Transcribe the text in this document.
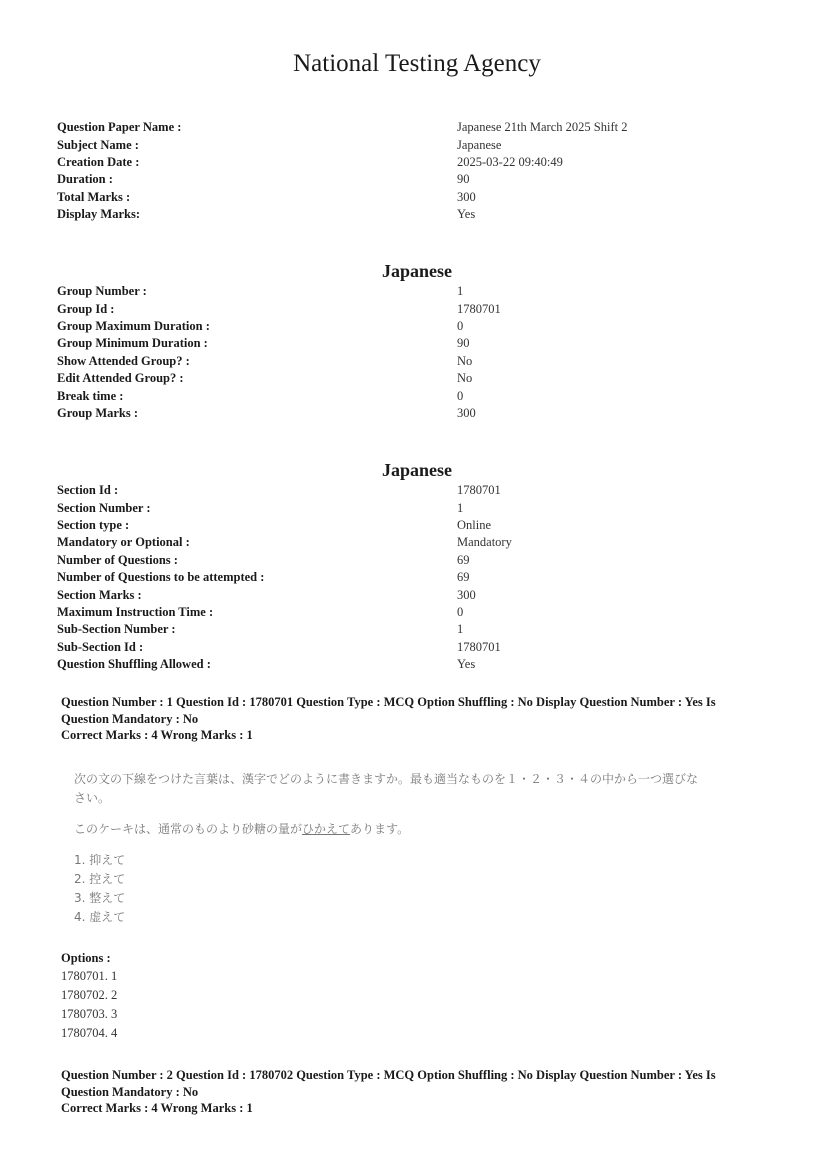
National Testing Agency
Question Paper Name :	Japanese 21th March 2025 Shift 2
Subject Name :	Japanese
Creation Date :	2025-03-22 09:40:49
Duration :	90
Total Marks :	300
Display Marks:	Yes
Japanese
Group Number :	1
Group Id :	1780701
Group Maximum Duration :	0
Group Minimum Duration :	90
Show Attended Group? :	No
Edit Attended Group? :	No
Break time :	0
Group Marks :	300
Japanese
Section Id :	1780701
Section Number :	1
Section type :	Online
Mandatory or Optional :	Mandatory
Number of Questions :	69
Number of Questions to be attempted :	69
Section Marks :	300
Maximum Instruction Time :	0
Sub-Section Number :	1
Sub-Section Id :	1780701
Question Shuffling Allowed :	Yes
Question Number : 1 Question Id : 1780701 Question Type : MCQ Option Shuffling : No Display Question Number : Yes Is
Question Mandatory : No
Correct Marks : 4 Wrong Marks : 1

次の文の下線をつけた言葉は、漢字でどのように書きますか。最も適当なものを１・２・３・４の中から一つ選びな

さい。

このケーキは、通常のものより砂糖の量がひかえてあります。

1. 抑えて
2. 控えて
3. 整えて
4. 虚えて
Options :
1780701. 1
1780702. 2
1780703. 3
1780704. 4
Question Number : 2 Question Id : 1780702 Question Type : MCQ Option Shuffling : No Display Question Number : Yes Is
Question Mandatory : No
Correct Marks : 4 Wrong Marks : 1
